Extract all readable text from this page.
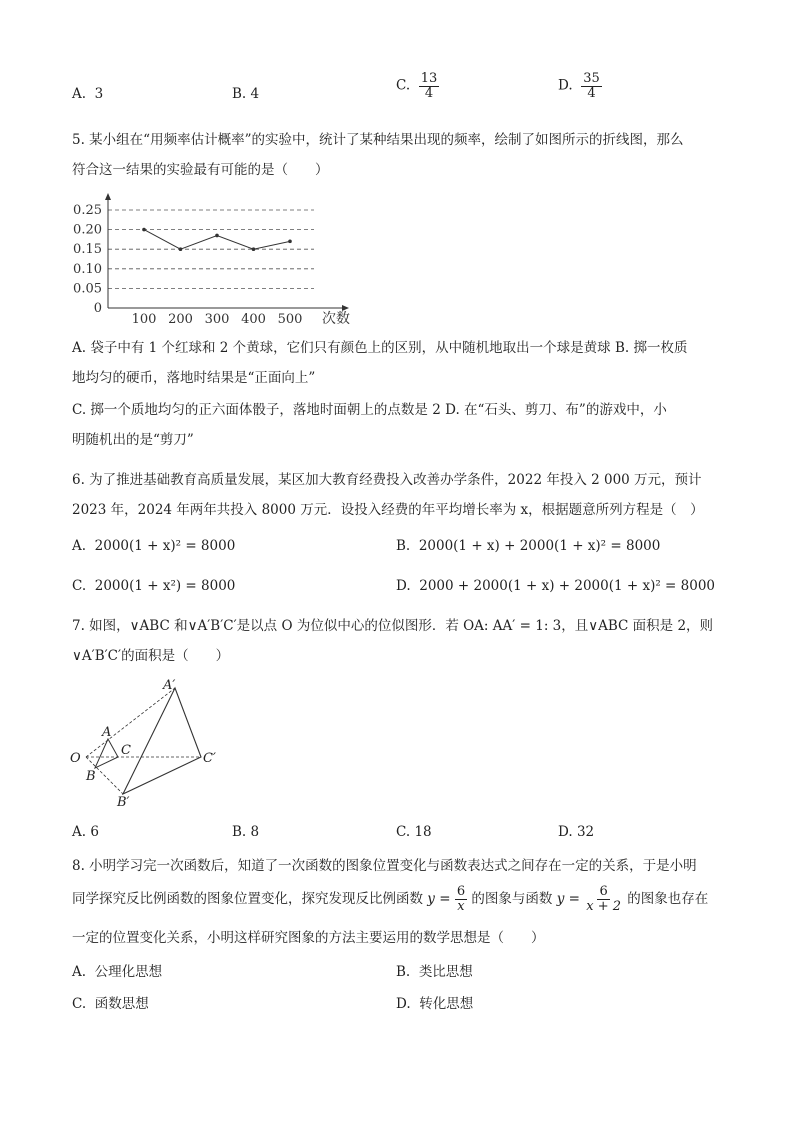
A. 3	B. 4
C. $\frac{13}{4}$	D. $\frac{35}{4}$
5. 某小组在“用频率估计概率”的实验中，统计了某种结果出现的频率，绘制了如图所示的折线图，那么
符合这一结果的实验最有可能的是（　　）
0
0.05
0.10
0.15
0.20
0.25
100 200 300 400 500 次数
A. 袋子中有 1 个红球和 2 个黄球，它们只有颜色上的区别，从中随机地取出一个球是黄球 B. 掷一枚质
地均匀的硬币，落地时结果是“正面向上”
C. 掷一个质地均匀的正六面体骰子，落地时面朝上的点数是 2 D. 在“石头、剪刀、布”的游戏中，小
明随机出的是“剪刀”
6. 为了推进基础教育高质量发展，某区加大教育经费投入改善办学条件，2022 年投入 2 000 万元，预计
2023 年，2024 年两年共投入 8000 万元．设投入经费的年平均增长率为 x，根据题意所列方程是（　）
A. 2000(1 + x)² = 8000	B. 2000(1 + x) + 2000(1 + x)² = 8000
C. 2000(1 + x²) = 8000	D. 2000 + 2000(1 + x) + 2000(1 + x)² = 8000
7. 如图，∨ABC 和∨A′B′C′是以点 O 为位似中心的位似图形．若 OA: AA′ = 1: 3，且∨ABC 面积是 2，则
∨A′B′C′的面积是（　　）
O
A
B
C
A′
B′
C′
A. 6	B. 8	C. 18	D. 32
8. 小明学习完一次函数后，知道了一次函数的图象位置变化与函数表达式之间存在一定的关系，于是小明
同学探究反比例函数的图象位置变化，探究发现反比例函数 $y = \frac{6}{x}$ 的图象与函数 $y = \frac{6}{x + 2}$ 的图象也存在
一定的位置变化关系，小明这样研究图象的方法主要运用的数学思想是（　　）
A. 公理化思想	B. 类比思想
C. 函数思想	D. 转化思想
